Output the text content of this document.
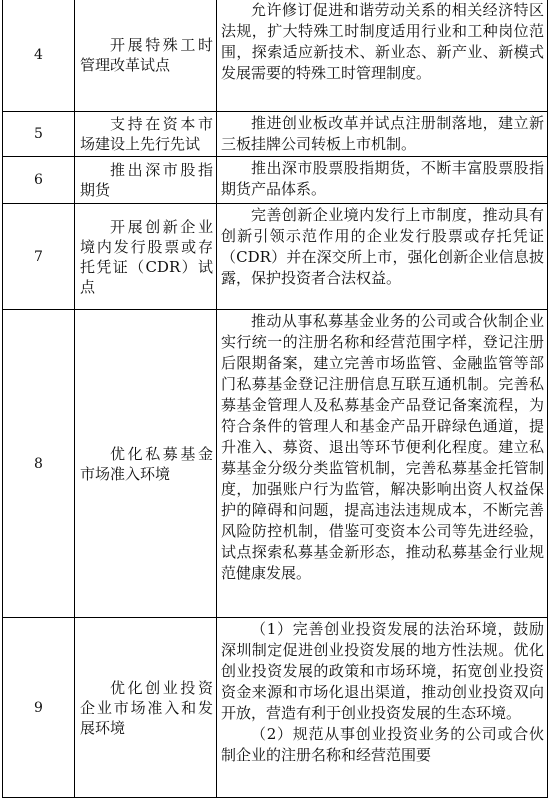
4	开展特殊工时管理改革试点	允许修订促进和谐劳动关系的相关经济特区法规，扩大特殊工时制度适用行业和工种岗位范围，探索适应新技术、新业态、新产业、新模式发展需要的特殊工时管理制度。
5	支持在资本市场建设上先行先试	推进创业板改革并试点注册制落地，建立新三板挂牌公司转板上市机制。
6	推出深市股指期货	推出深市股票股指期货，不断丰富股票股指期货产品体系。
7	开展创新企业境内发行股票或存托凭证（CDR）试点	完善创新企业境内发行上市制度，推动具有创新引领示范作用的企业发行股票或存托凭证（CDR）并在深交所上市，强化创新企业信息披露，保护投资者合法权益。
8	优化私募基金市场准入环境	推动从事私募基金业务的公司或合伙制企业实行统一的注册名称和经营范围字样，登记注册后限期备案，建立完善市场监管、金融监管等部门私募基金登记注册信息互联互通机制。完善私募基金管理人及私募基金产品登记备案流程，为符合条件的管理人和基金产品开辟绿色通道，提升准入、募资、退出等环节便利化程度。建立私募基金分级分类监管机制，完善私募基金托管制度，加强账户行为监管，解决影响出资人权益保护的障碍和问题，提高违法违规成本，不断完善风险防控机制，借鉴可变资本公司等先进经验，试点探索私募基金新形态，推动私募基金行业规范健康发展。
9	优化创业投资企业市场准入和发展环境	（1）完善创业投资发展的法治环境，鼓励深圳制定促进创业投资发展的地方性法规。优化创业投资发展的政策和市场环境，拓宽创业投资资金来源和市场化退出渠道，推动创业投资双向开放，营造有利于创业投资发展的生态环境。

（2）规范从事创业投资业务的公司或合伙制企业的注册名称和经营范围要
